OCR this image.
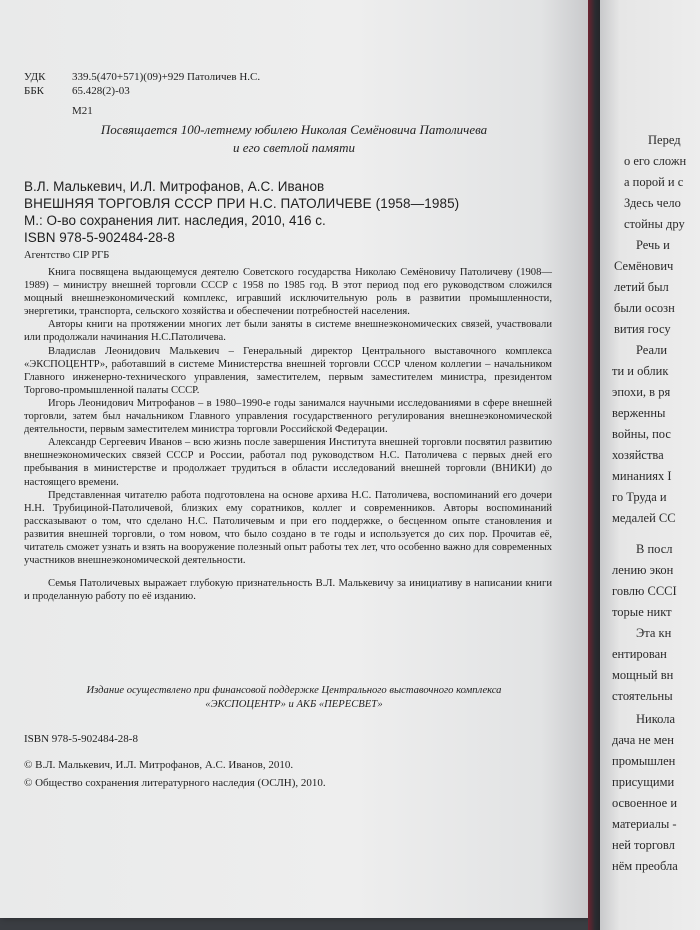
УДК 339.5(470+571)(09)+929 Патоличев Н.С.
ББК	65.428(2)-03
М21
Посвящается 100-летнему юбилею Николая Семёновича Патоличева
и его светлой памяти
В.Л. Малькевич, И.Л. Митрофанов, А.С. Иванов
ВНЕШНЯЯ ТОРГОВЛЯ СССР ПРИ Н.С. ПАТОЛИЧЕВЕ (1958—1985)
М.: О-во сохранения лит. наследия, 2010, 416 с.
ISBN 978-5-902484-28-8
Агентство CIP РГБ

Книга посвящена выдающемуся деятелю Советского государства Николаю Семёновичу Патоличеву (1908—1989) – министру внешней торговли СССР с 1958 по 1985 год. В этот период под его руководством сложился мощный внешнеэкономический комплекс, игравший исключительную роль в развитии промышленности, энергетики, транспорта, сельского хозяйства и обеспечении потребностей населения.

Авторы книги на протяжении многих лет были заняты в системе внешнеэкономических связей, участвовали или продолжали начинания Н.С.Патоличева.

Владислав Леонидович Малькевич – Генеральный директор Центрального выставочного комплекса «ЭКСПОЦЕНТР», работавший в системе Министерства внешней торговли СССР членом коллегии – начальником Главного инженерно-технического управления, заместителем, первым заместителем министра, президентом Торгово-промышленной палаты СССР.

Игорь Леонидович Митрофанов – в 1980–1990-е годы занимался научными исследованиями в сфере внешней торговли, затем был начальником Главного управления государственного регулирования внешнеэкономической деятельности, первым заместителем министра торговли Российской Федерации.

Александр Сергеевич Иванов – всю жизнь после завершения Института внешней торговли посвятил развитию внешнеэкономических связей СССР и России, работал под руководством Н.С. Патоличева с первых дней его пребывания в министерстве и продолжает трудиться в области исследований внешней торговли (ВНИКИ) до настоящего времени.

Представленная читателю работа подготовлена на основе архива Н.С. Патоличева, воспоминаний его дочери Н.Н. Трубициной-Патоличевой, близких ему соратников, коллег и современников. Авторы воспоминаний рассказывают о том, что сделано Н.С. Патоличевым и при его поддержке, о бесценном опыте становления и развития внешней торговли, о том новом, что было создано в те годы и используется до сих пор. Прочитав её, читатель сможет узнать и взять на вооружение полезный опыт работы тех лет, что особенно важно для современных участников внешнеэкономической деятельности.

Семья Патоличевых выражает глубокую признательность В.Л. Малькевичу за инициативу в написании книги и проделанную работу по её изданию.

Издание осуществлено при финансовой поддержке Центрального выставочного комплекса
«ЭКСПОЦЕНТР» и АКБ «ПЕРЕСВЕТ»
ISBN 978-5-902484-28-8
© В.Л. Малькевич, И.Л. Митрофанов, А.С. Иванов, 2010.
© Общество сохранения литературного наследия (ОСЛН), 2010.
Перед
о его сложн
а порой и с
Здесь чело
стойны дру
Речь и
Семёнович
летий был
были осозн
вития госу
Реали
ти и облик
эпохи, в ря
верженны
войны, пос
хозяйства
минаниях I
го Труда и
медалей СС
В посл
лению экон
говлю СССІ
торые никт
Эта кн
ентирован
мощный вн
стоятельны
Никола
дача не мен
промышлен
присущими
освоенное и
материалы -
ней торговл
нём преобла
